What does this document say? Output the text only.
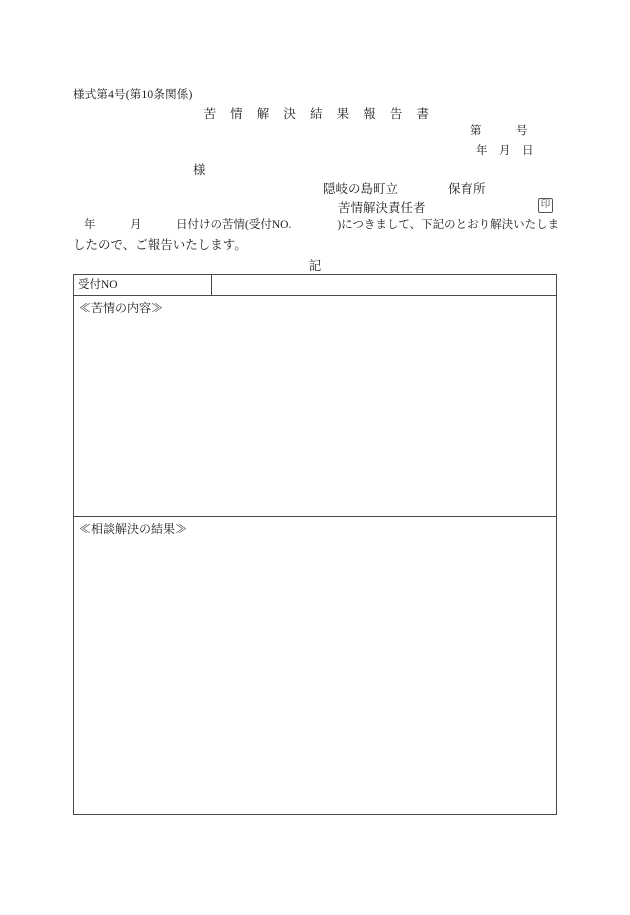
様式第4号(第10条関係)
苦 情 解 決 結 果 報 告 書
第　　　号
年　月　日
様
隠岐の島町立　　　　保育所
苦情解決責任者	印
年　　　月　　　日付けの苦情(受付NO.	)につきまして、下記のとおり解決いたしま
したので、ご報告いたします。
記
受付NO
≪苦情の内容≫
≪相談解決の結果≫
